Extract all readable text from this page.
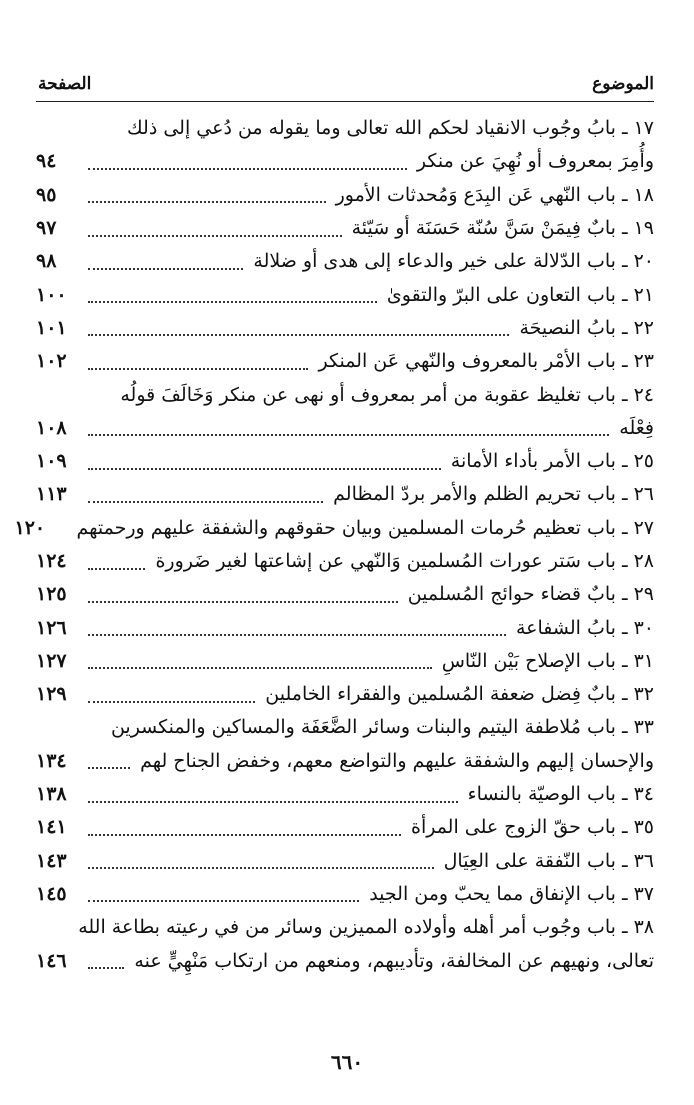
الموضوع
الصفحة
١٧ ـ بابُ وجُوب الانقياد لحكم الله تعالى وما يقوله من دُعي إلى ذلك
وأُمِرَ بمعروف أو نُهِيَ عن منكر
٩٤
١٨ ـ باب النّهي عَن البِدَع وَمُحدثات الأمور
٩٥
١٩ ـ بابٌ فِيمَنْ سَنَّ سُنّة حَسَنَة أو سَيّئة
٩٧
٢٠ ـ باب الدّلالة على خير والدعاء إلى هدى أو ضلالة
٩٨
٢١ ـ باب التعاون على البرّ والتقوىٰ
١٠٠
٢٢ ـ بابُ النصيحَة
١٠١
٢٣ ـ باب الأمْر بالمعروف والنّهي عَن المنكر
١٠٢
٢٤ ـ باب تغليظ عقوبة من أمر بمعروف أو نهى عن منكر وَخَالَفَ قولُه
فِعْلَه
١٠٨
٢٥ ـ باب الأمر بأداء الأمانة
١٠٩
٢٦ ـ باب تحريم الظلم والأمر بردّ المظالم
١١٣
٢٧ ـ باب تعظيم حُرمات المسلمين وبيان حقوقهم والشفقة عليهم ورحمتهم
١٢٠
٢٨ ـ باب سَتر عورات المُسلمين وَالنّهي عن إشاعتها لغير ضَرورة
١٢٤
٢٩ ـ بابٌ قضاء حوائج المُسلمين
١٢٥
٣٠ ـ بابُ الشفاعة
١٢٦
٣١ ـ باب الإصلاح بَيْن النّاسِ
١٢٧
٣٢ ـ بابٌ فِضل ضعفة المُسلمين والفقراء الخاملين
١٢٩
٣٣ ـ باب مُلاطفة اليتيم والبنات وسائر الضَّعَفَة والمساكين والمنكسرين
والإحسان إليهم والشفقة عليهم والتواضع معهم، وخفض الجناح لهم
١٣٤
٣٤ ـ باب الوصيّة بالنساء
١٣٨
٣٥ ـ باب حقّ الزوج على المرأة
١٤١
٣٦ ـ باب النّفقة على العِيَال
١٤٣
٣٧ ـ باب الإنفاق مما يحبّ ومن الجيد
١٤٥
٣٨ ـ باب وجُوب أمر أهله وأولاده المميزين وسائر من في رعيته بطاعة الله
تعالى، ونهيهم عن المخالفة، وتأديبهم، ومنعهم من ارتكاب مَنْهِيٍّ عنه
١٤٦
٦٦٠
